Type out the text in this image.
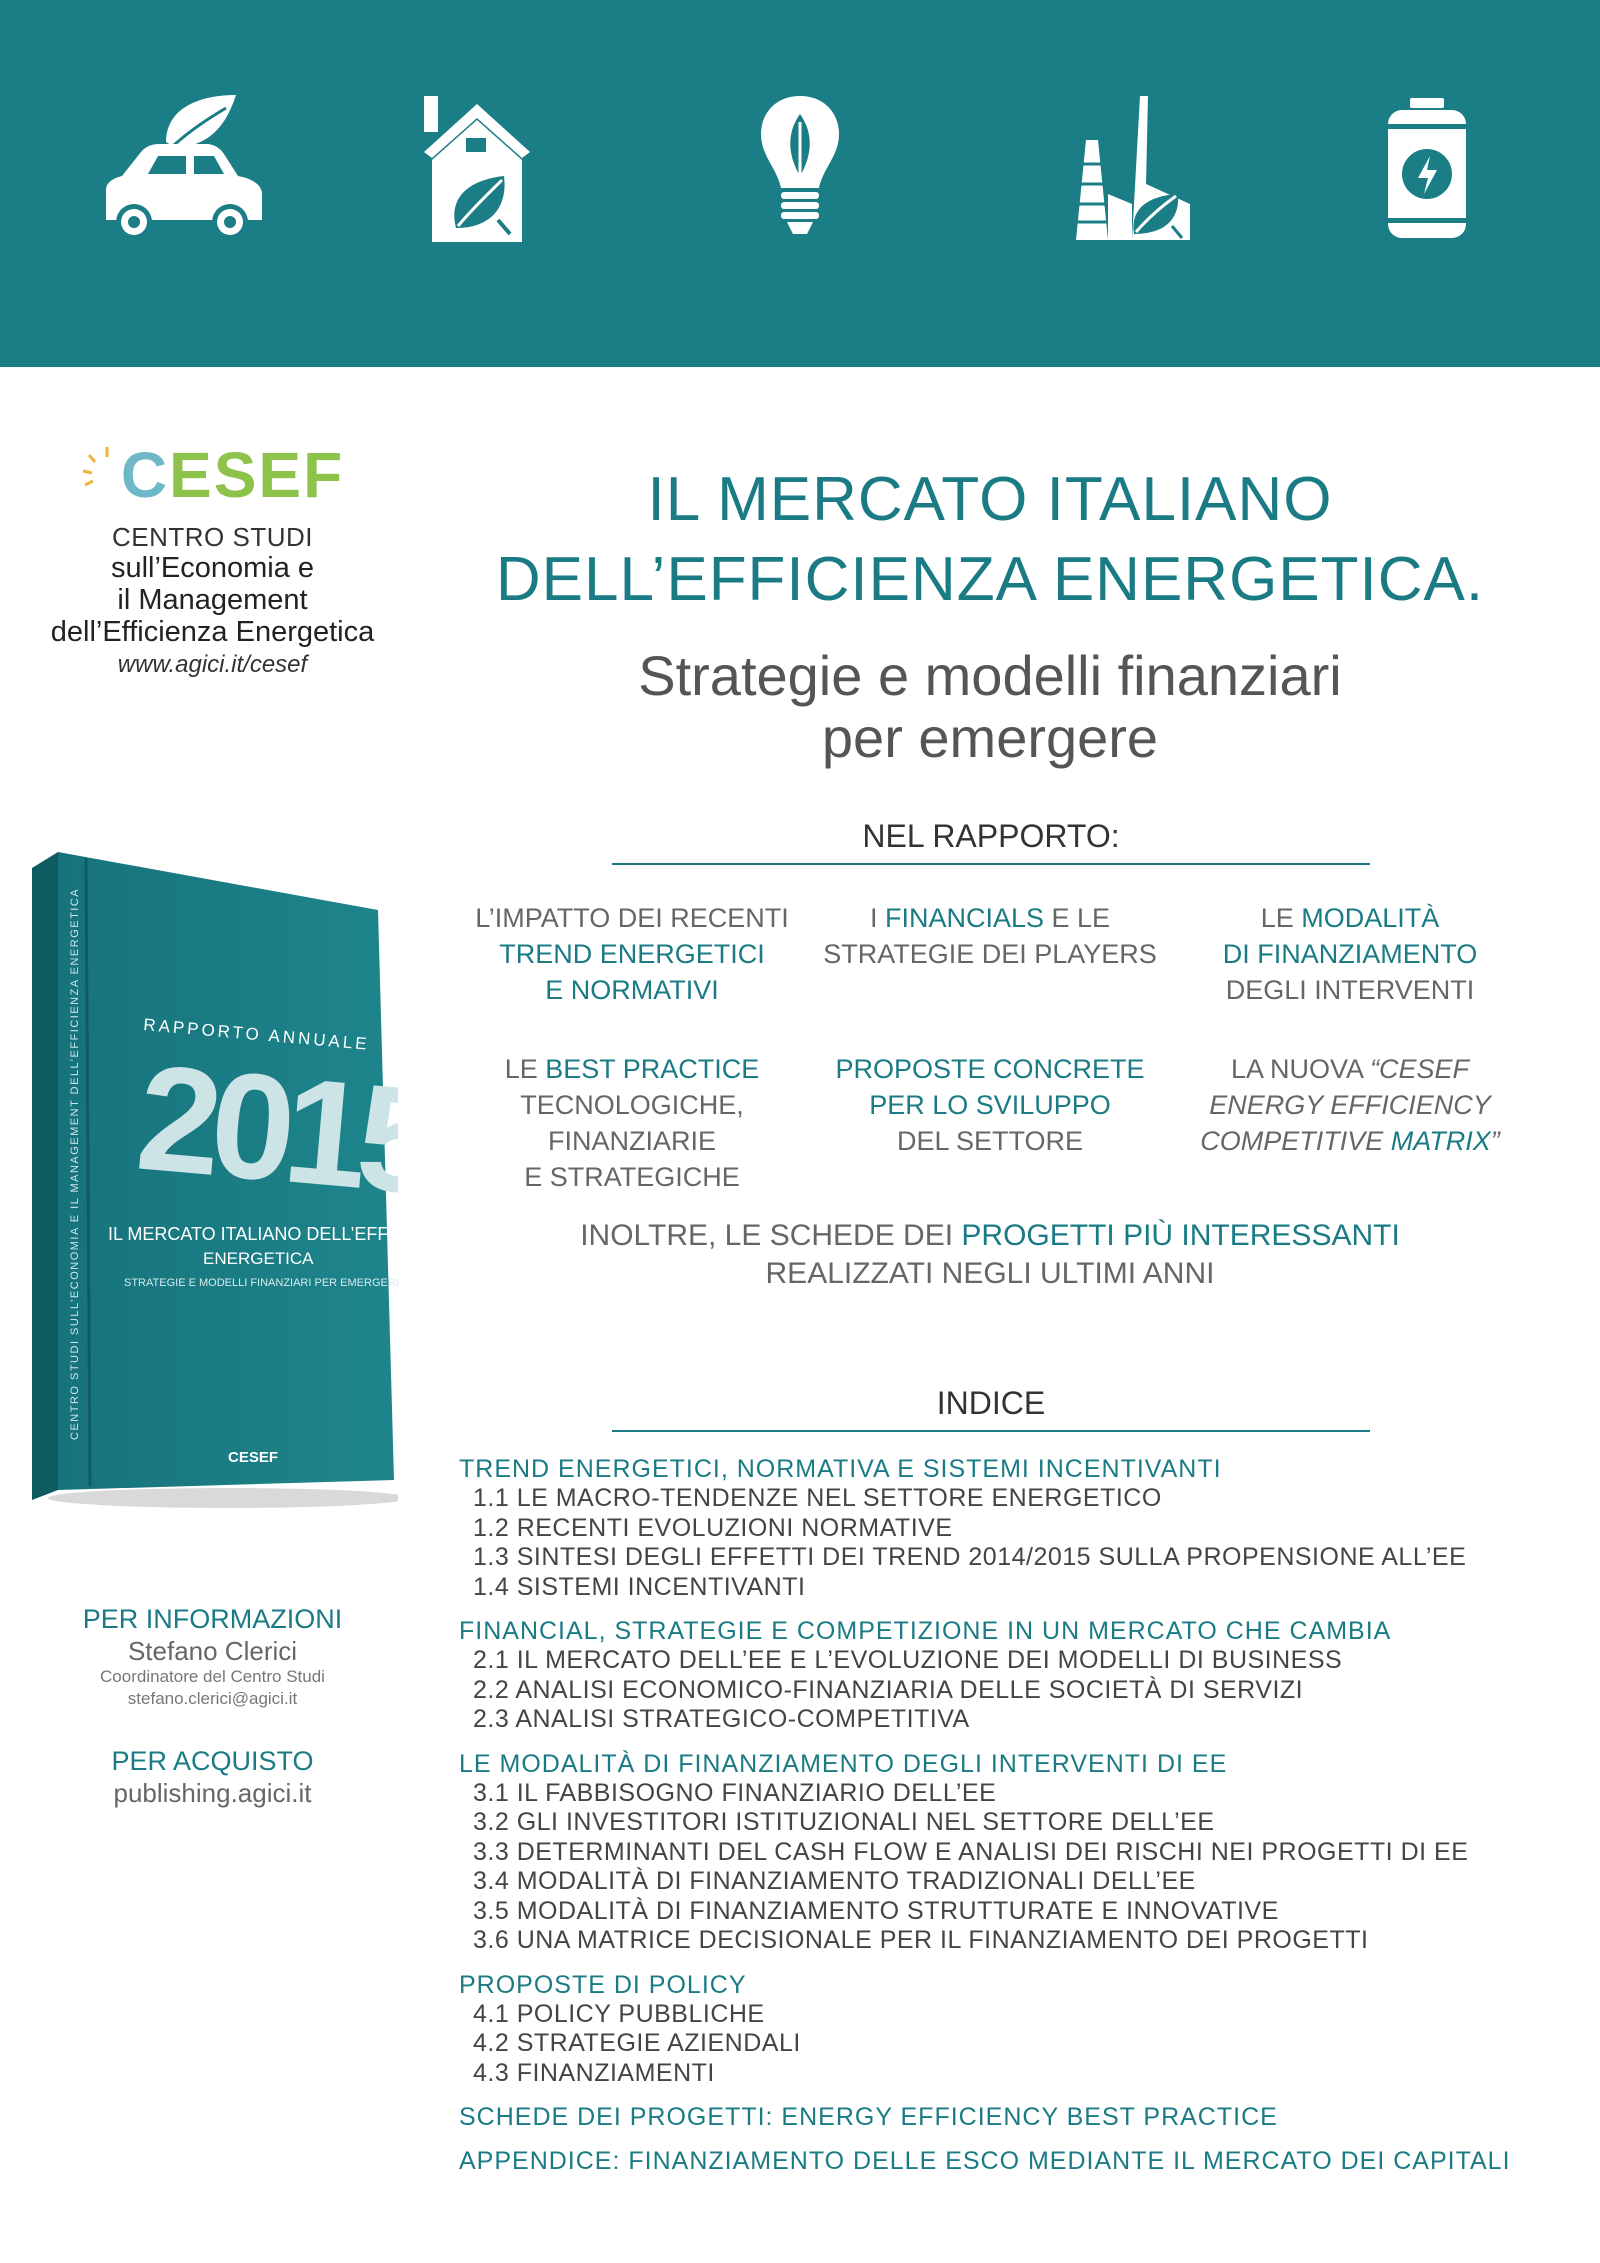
CESEF
CENTRO STUDI
sull’Economia e
il Management
dell’Efficienza Energetica
www.agici.it/cesef
IL MERCATO ITALIANO
DELL’EFFICIENZA ENERGETICA.
Strategie e modelli finanziari
per emergere
NEL RAPPORTO:
L’IMPATTO DEI RECENTI
TREND ENERGETICI
E NORMATIVI
I FINANCIALS E LE
STRATEGIE DEI PLAYERS
LE MODALITÀ
DI FINANZIAMENTO
DEGLI INTERVENTI
LE BEST PRACTICE
TECNOLOGICHE,
FINANZIARIE
E STRATEGICHE
PROPOSTE CONCRETE
PER LO SVILUPPO
DEL SETTORE
LA NUOVA “CESEF
ENERGY EFFICIENCY
COMPETITIVE MATRIX”
INOLTRE, LE SCHEDE DEI PROGETTI PIÙ INTERESSANTI
REALIZZATI NEGLI ULTIMI ANNI
INDICE
TREND ENERGETICI, NORMATIVA E SISTEMI INCENTIVANTI
1.1 LE MACRO-TENDENZE NEL SETTORE ENERGETICO
1.2 RECENTI EVOLUZIONI NORMATIVE
1.3 SINTESI DEGLI EFFETTI DEI TREND 2014/2015 SULLA PROPENSIONE ALL’EE
1.4 SISTEMI INCENTIVANTI
FINANCIAL, STRATEGIE E COMPETIZIONE IN UN MERCATO CHE CAMBIA
2.1 IL MERCATO DELL’EE E L’EVOLUZIONE DEI MODELLI DI BUSINESS
2.2 ANALISI ECONOMICO-FINANZIARIA DELLE SOCIETÀ DI SERVIZI
2.3 ANALISI STRATEGICO-COMPETITIVA
LE MODALITÀ DI FINANZIAMENTO DEGLI INTERVENTI DI EE
3.1 IL FABBISOGNO FINANZIARIO DELL’EE
3.2 GLI INVESTITORI ISTITUZIONALI NEL SETTORE DELL’EE
3.3 DETERMINANTI DEL CASH FLOW E ANALISI DEI RISCHI NEI PROGETTI DI EE
3.4 MODALITÀ DI FINANZIAMENTO TRADIZIONALI DELL’EE
3.5 MODALITÀ DI FINANZIAMENTO STRUTTURATE E INNOVATIVE
3.6 UNA MATRICE DECISIONALE PER IL FINANZIAMENTO DEI PROGETTI
PROPOSTE DI POLICY
4.1 POLICY PUBBLICHE
4.2 STRATEGIE AZIENDALI
4.3 FINANZIAMENTI
SCHEDE DEI PROGETTI: ENERGY EFFICIENCY BEST PRACTICE
APPENDICE: FINANZIAMENTO DELLE ESCO MEDIANTE IL MERCATO DEI CAPITALI
CENTRO STUDI SULL’ECONOMIA E IL MANAGEMENT DELL’EFFICIENZA ENERGETICA	RAPPORTO ANNUALE
2015
IL MERCATO ITALIANO DELL’EFFI
ENERGETICA
STRATEGIE E MODELLI FINANZIARI PER EMERGERE
CESEF
PER INFORMAZIONI
Stefano Clerici
Coordinatore del Centro Studi
stefano.clerici@agici.it
PER ACQUISTO
publishing.agici.it
